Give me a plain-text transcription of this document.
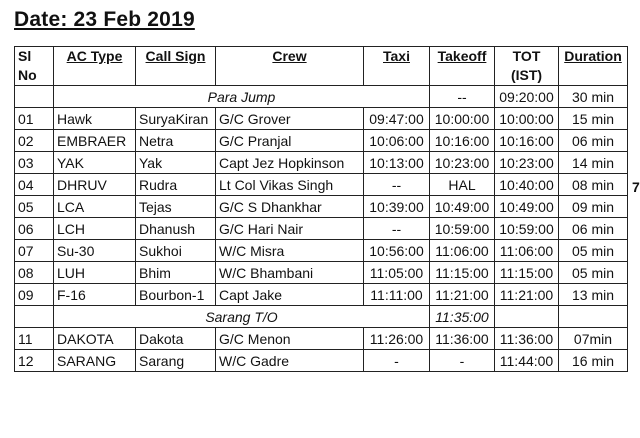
Date: 23 Feb 2019
Sl No	AC Type	Call Sign	Crew	Taxi	Takeoff	TOT (IST)	Duration
	Para Jump				--	09:20:00	30 min
01	Hawk	SuryaKiran	G/C Grover	09:47:00	10:00:00	10:00:00	15 min
02	EMBRAER	Netra	G/C Pranjal	10:06:00	10:16:00	10:16:00	06 min
03	YAK	Yak	Capt Jez Hopkinson	10:13:00	10:23:00	10:23:00	14 min
04	DHRUV	Rudra	Lt Col Vikas Singh	--	HAL	10:40:00	08 min
05	LCA	Tejas	G/C S Dhankhar	10:39:00	10:49:00	10:49:00	09 min
06	LCH	Dhanush	G/C Hari Nair	--	10:59:00	10:59:00	06 min
07	Su-30	Sukhoi	W/C Misra	10:56:00	11:06:00	11:06:00	05 min
08	LUH	Bhim	W/C Bhambani	11:05:00	11:15:00	11:15:00	05 min
09	F-16	Bourbon-1	Capt Jake	11:11:00	11:21:00	11:21:00	13 min
	Sarang T/O				11:35:00		
11	DAKOTA	Dakota	G/C Menon	11:26:00	11:36:00	11:36:00	07min
12	SARANG	Sarang	W/C Gadre	-	-	11:44:00	16 min
7
